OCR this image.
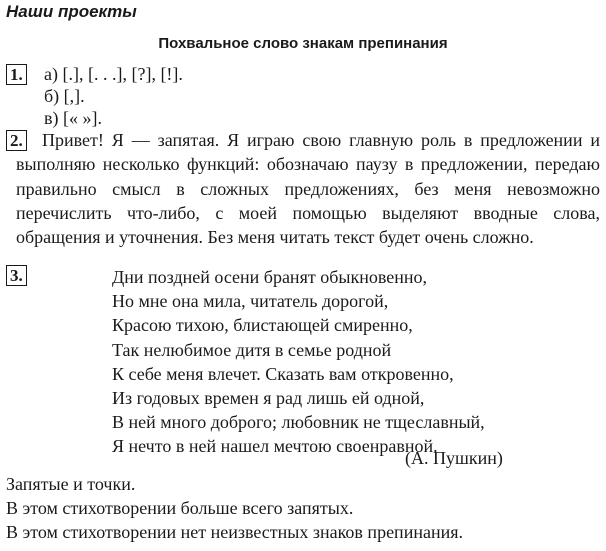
Наши проекты
Похвальное слово знакам препинания
1. а) [.], [. . .], [?], [!].
б) [,].
в) [« »].
2.	Привет! Я — запятая. Я играю свою главную роль в предложении и выполняю несколько функций: обозначаю паузу в предложении, передаю правильно смысл в сложных предложениях, без меня невозможно перечислить что-либо, с моей помощью выделяют вводные слова, обращения и уточнения. Без меня читать текст будет очень сложно.
3.	Дни поздней осени бранят обыкновенно,
Но мне она мила, читатель дорогой,
Красою тихою, блистающей смиренно,
Так нелюбимое дитя в семье родной
К себе меня влечет. Сказать вам откровенно,
Из годовых времен я рад лишь ей одной,
В ней много доброго; любовник не тщеславный,
Я нечто в ней нашел мечтою своенравной.
(А. Пушкин)
Запятые и точки.
В этом стихотворении больше всего запятых.
В этом стихотворении нет неизвестных знаков препинания.
